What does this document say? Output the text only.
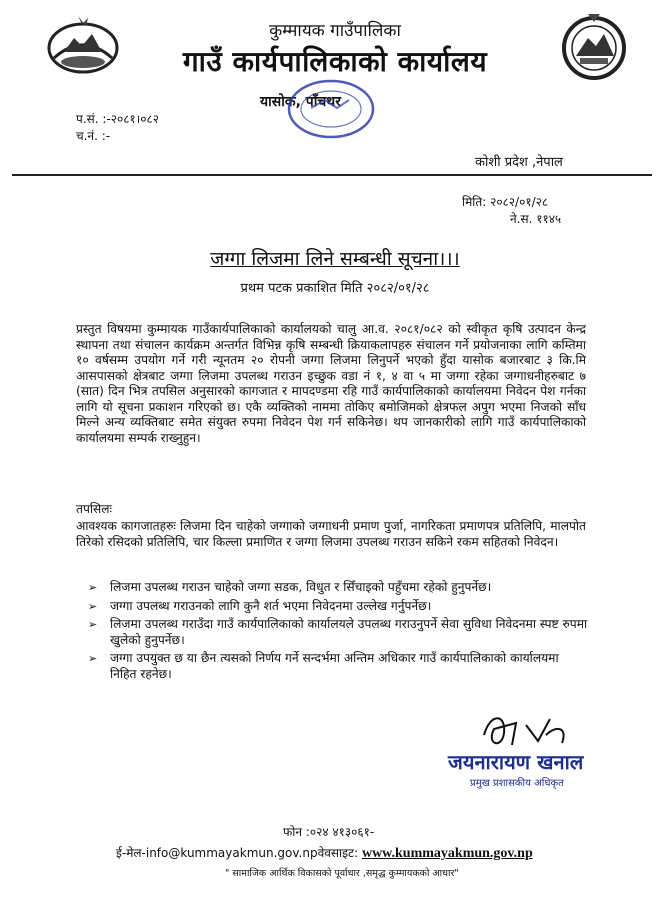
कुम्मायक गाउँपालिका
गाउँ कार्यपालिकाको कार्यालय
यासोक, पाँचथर
प.सं. :-२०८१।०८२
च.नं. :-
कोशी प्रदेश ,नेपाल
मिति: २०८२/०१/२८
ने.स. ११४५
जग्गा लिजमा लिने सम्बन्धी सूचना।।।
प्रथम पटक प्रकाशित मिति २०८२/०१/२८
प्रस्तुत विषयमा कुम्मायक गाउँकार्यपालिकाको कार्यालयको चालु आ.व. २०८१/०८२ को स्वीकृत कृषि उत्पादन केन्द्र स्थापना तथा संचालन कार्यक्रम अन्तर्गत विभिन्न कृषि सम्बन्धी क्रियाकलापहरु संचालन गर्ने प्रयोजनाका लागि कम्तिमा १० वर्षसम्म उपयोग गर्ने गरी न्यूनतम २० रोपनी जग्गा लिजमा लिनुपर्ने भएको हुँदा यासोक बजारबाट ३ कि.मि आसपासको क्षेत्रबाट जग्गा लिजमा उपलब्ध गराउन इच्छुक वडा नं १, ४ वा ५ मा जग्गा रहेका जग्गाधनीहरुबाट ७ (सात) दिन भित्र तपसिल अनुसारको कागजात र मापदण्डमा रहि गाउँ कार्यपालिकाको कार्यालयमा निवेदन पेश गर्नका लागि यो सूचना प्रकाशन गरिएको छ। एकै व्यक्तिको नाममा तोकिए बमोजिमको क्षेत्रफल अपुग भएमा निजको साँध मिल्ने अन्य व्यक्तिबाट समेत संयुक्त रुपमा निवेदन पेश गर्न सकिनेछ। थप जानकारीको लागि गाउँ कार्यपालिकाको कार्यालयमा सम्पर्क राख्नुहुन।
तपसिलः
आवश्यक कागजातहरुः लिजमा दिन चाहेको जग्गाको जग्गाधनी प्रमाण पुर्जा, नागरिकता प्रमाणपत्र प्रतिलिपि, मालपोत तिरेको रसिदको प्रतिलिपि, चार किल्ला प्रमाणित र जग्गा लिजमा उपलब्ध गराउन सकिने रकम सहितको निवेदन।
➢ लिजमा उपलब्ध गराउन चाहेको जग्गा सडक, विधुत र सिँचाइको पहुँचमा रहेको हुनुपर्नेछ।
➢ जग्गा उपलब्ध गराउनको लागि कुनै शर्त भएमा निवेदनमा उल्लेख गर्नुपर्नेछ।
➢ लिजमा उपलब्ध गराउँदा गाउँ कार्यपालिकाको कार्यालयले उपलब्ध गराउनुपर्ने सेवा सुविधा निवेदनमा स्पष्ट रुपमा खुलेको हुनुपर्नेछ।
➢ जग्गा उपयुक्त छ या छैन त्यसको निर्णय गर्ने सन्दर्भमा अन्तिम अधिकार गाउँ कार्यपालिकाको कार्यालयमा निहित रहनेछ।
जयनारायण खनाल
प्रमुख प्रशासकीय अधिकृत
फोन :०२४ ४१३०६१-
ई-मेल-info@kummayakmun.gov.npवेवसाइट: www.kummayakmun.gov.np
" सामाजिक आर्थिक विकासको पूर्वाधार ,समृद्ध कुम्मायकको आधार"
